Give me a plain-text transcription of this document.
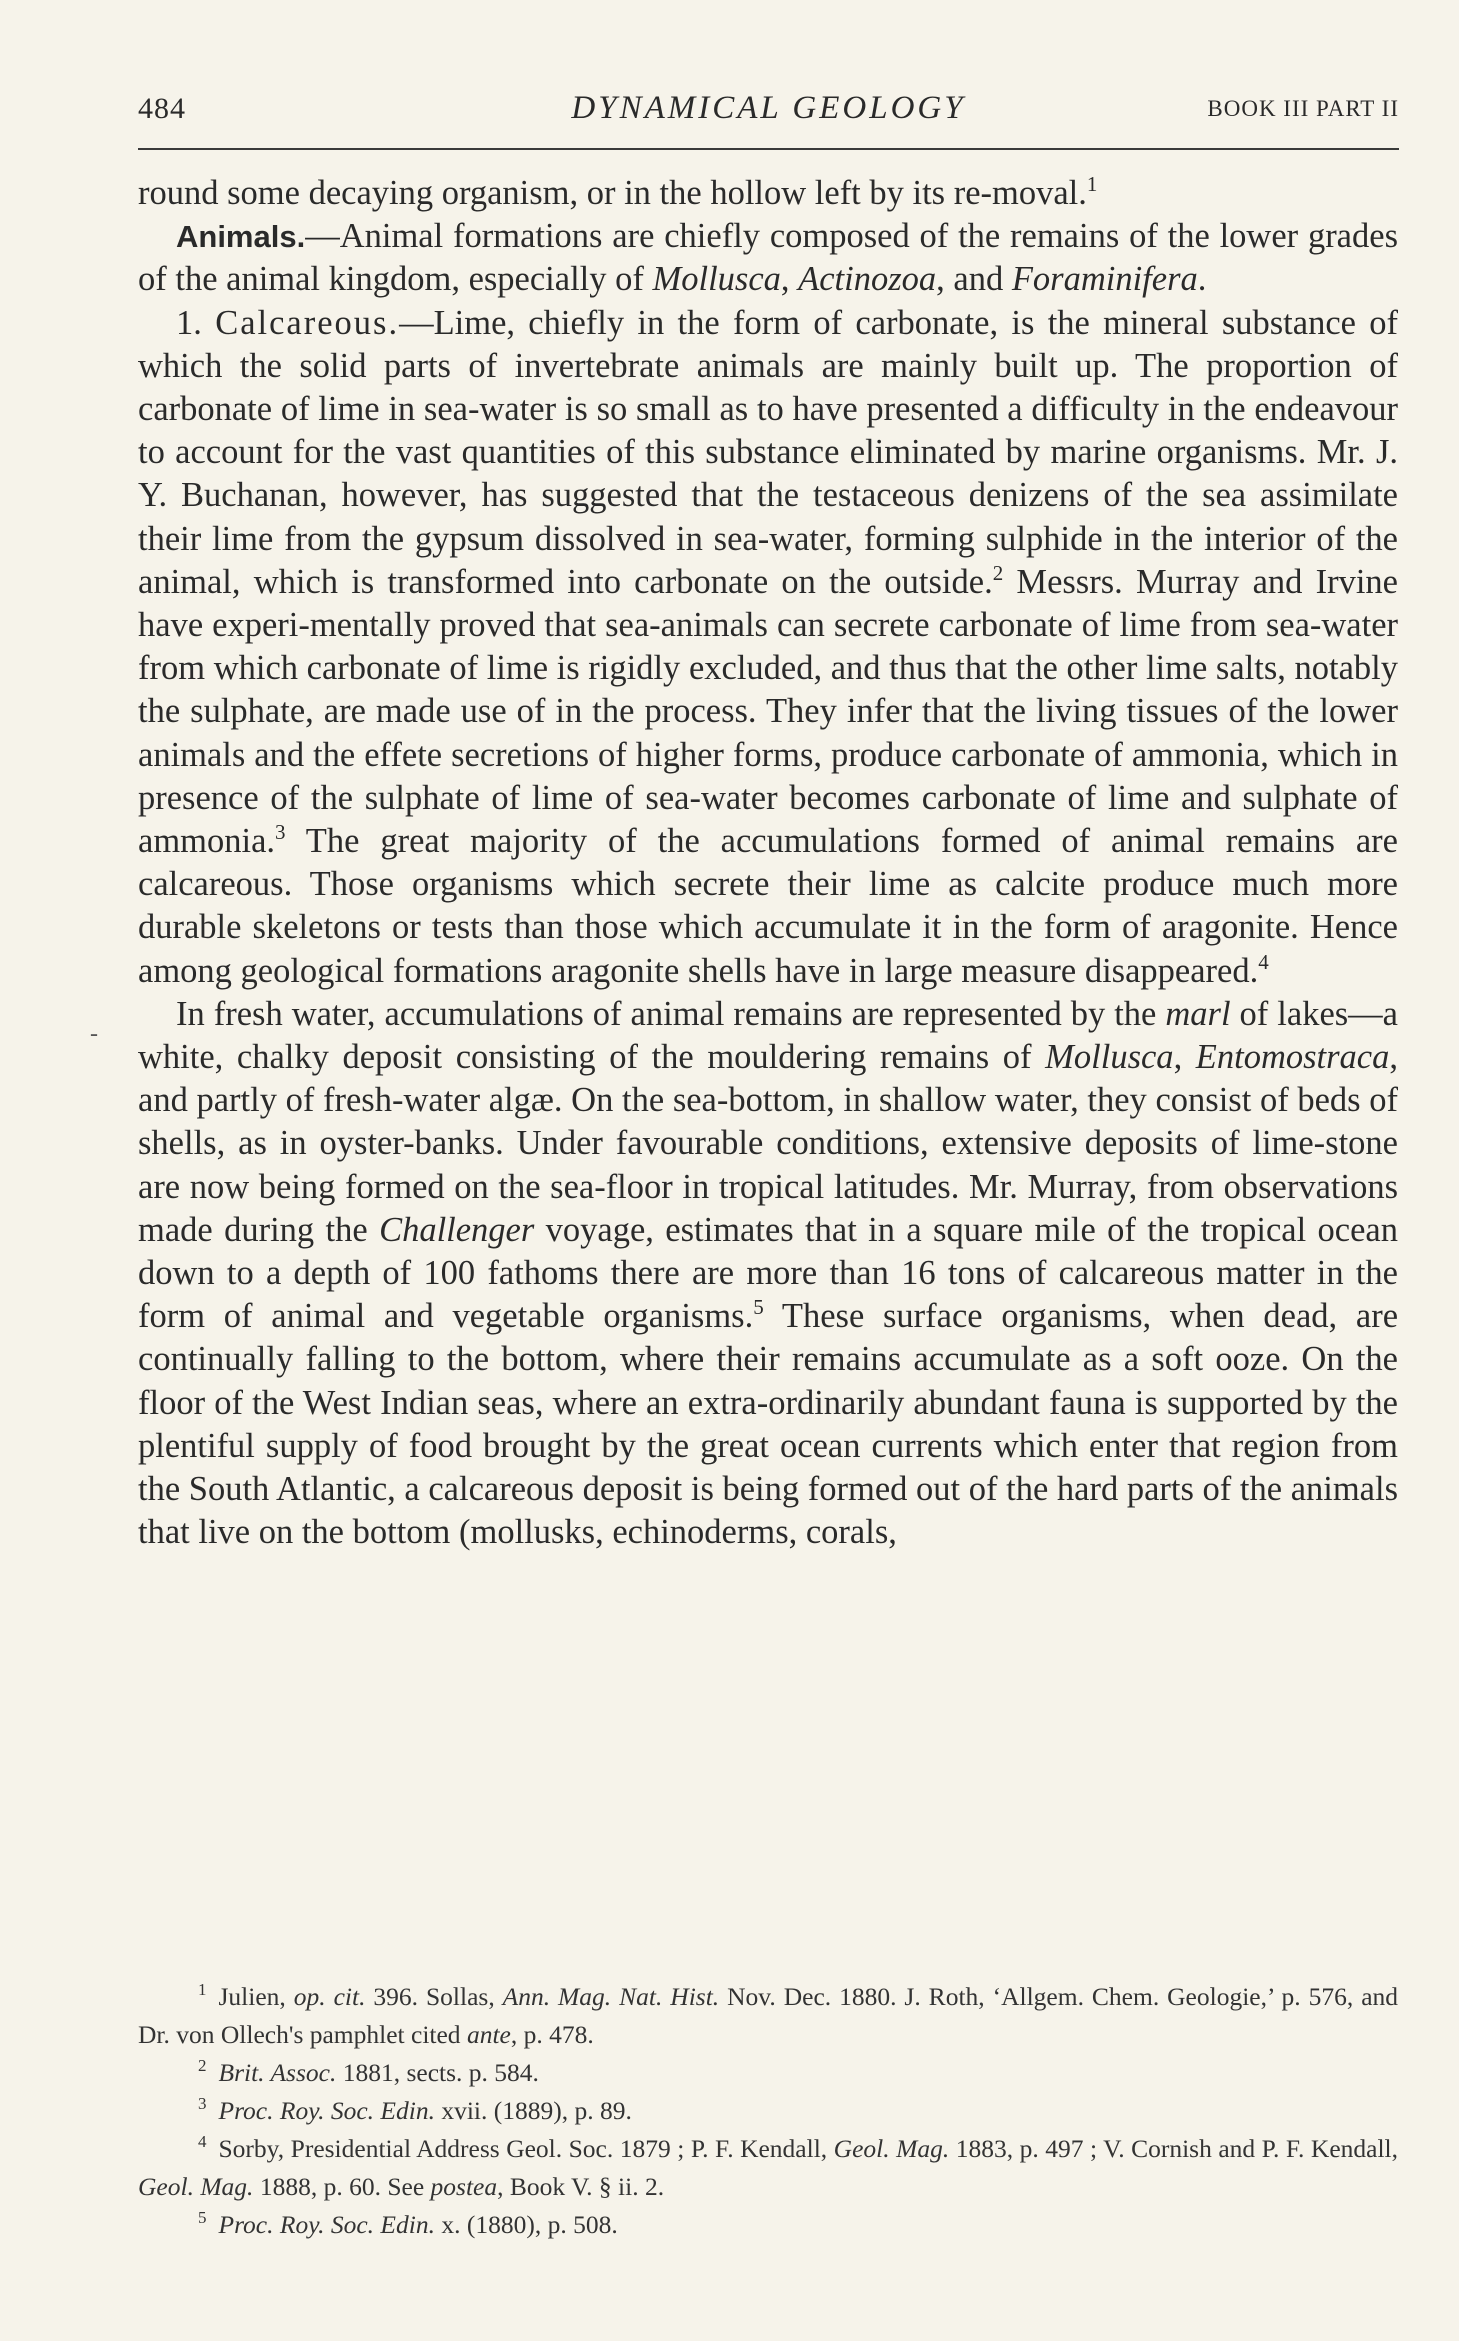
484	DYNAMICAL GEOLOGY	BOOK III PART II
-

round some decaying organism, or in the hollow left by its re-moval.$^1$

Animals.—Animal formations are chiefly composed of the remains of the lower grades of the animal kingdom, especially of Mollusca, Actinozoa, and Foraminifera.

1. Calcareous.—Lime, chiefly in the form of carbonate, is the mineral substance of which the solid parts of invertebrate animals are mainly built up. The proportion of carbonate of lime in sea-water is so small as to have presented a difficulty in the endeavour to account for the vast quantities of this substance eliminated by marine organisms. Mr. J. Y. Buchanan, however, has suggested that the testaceous denizens of the sea assimilate their lime from the gypsum dissolved in sea-water, forming sulphide in the interior of the animal, which is transformed into carbonate on the outside.$^2$ Messrs. Murray and Irvine have experi-mentally proved that sea-animals can secrete carbonate of lime from sea-water from which carbonate of lime is rigidly excluded, and thus that the other lime salts, notably the sulphate, are made use of in the process. They infer that the living tissues of the lower animals and the effete secretions of higher forms, produce carbonate of ammonia, which in presence of the sulphate of lime of sea-water becomes carbonate of lime and sulphate of ammonia.$^3$ The great majority of the accumulations formed of animal remains are calcareous. Those organisms which secrete their lime as calcite produce much more durable skeletons or tests than those which accumulate it in the form of aragonite. Hence among geological formations aragonite shells have in large measure disappeared.$^4$

In fresh water, accumulations of animal remains are represented by the marl of lakes—a white, chalky deposit consisting of the mouldering remains of Mollusca, Entomostraca, and partly of fresh-water algæ. On the sea-bottom, in shallow water, they consist of beds of shells, as in oyster-banks. Under favourable conditions, extensive deposits of lime-stone are now being formed on the sea-floor in tropical latitudes. Mr. Murray, from observations made during the Challenger voyage, estimates that in a square mile of the tropical ocean down to a depth of 100 fathoms there are more than 16 tons of calcareous matter in the form of animal and vegetable organisms.$^5$ These surface organisms, when dead, are continually falling to the bottom, where their remains accumulate as a soft ooze. On the floor of the West Indian seas, where an extra-ordinarily abundant fauna is supported by the plentiful supply of food brought by the great ocean currents which enter that region from the South Atlantic, a calcareous deposit is being formed out of the hard parts of the animals that live on the bottom (mollusks, echinoderms, corals,

$^1$ Julien, op. cit. 396. Sollas, Ann. Mag. Nat. Hist. Nov. Dec. 1880. J. Roth, ‘Allgem. Chem. Geologie,’ p. 576, and Dr. von Ollech's pamphlet cited ante, p. 478.

$^2$ Brit. Assoc. 1881, sects. p. 584.

$^3$ Proc. Roy. Soc. Edin. xvii. (1889), p. 89.

$^4$ Sorby, Presidential Address Geol. Soc. 1879 ; P. F. Kendall, Geol. Mag. 1883, p. 497 ; V. Cornish and P. F. Kendall, Geol. Mag. 1888, p. 60. See postea, Book V. § ii. 2.

$^5$ Proc. Roy. Soc. Edin. x. (1880), p. 508.
